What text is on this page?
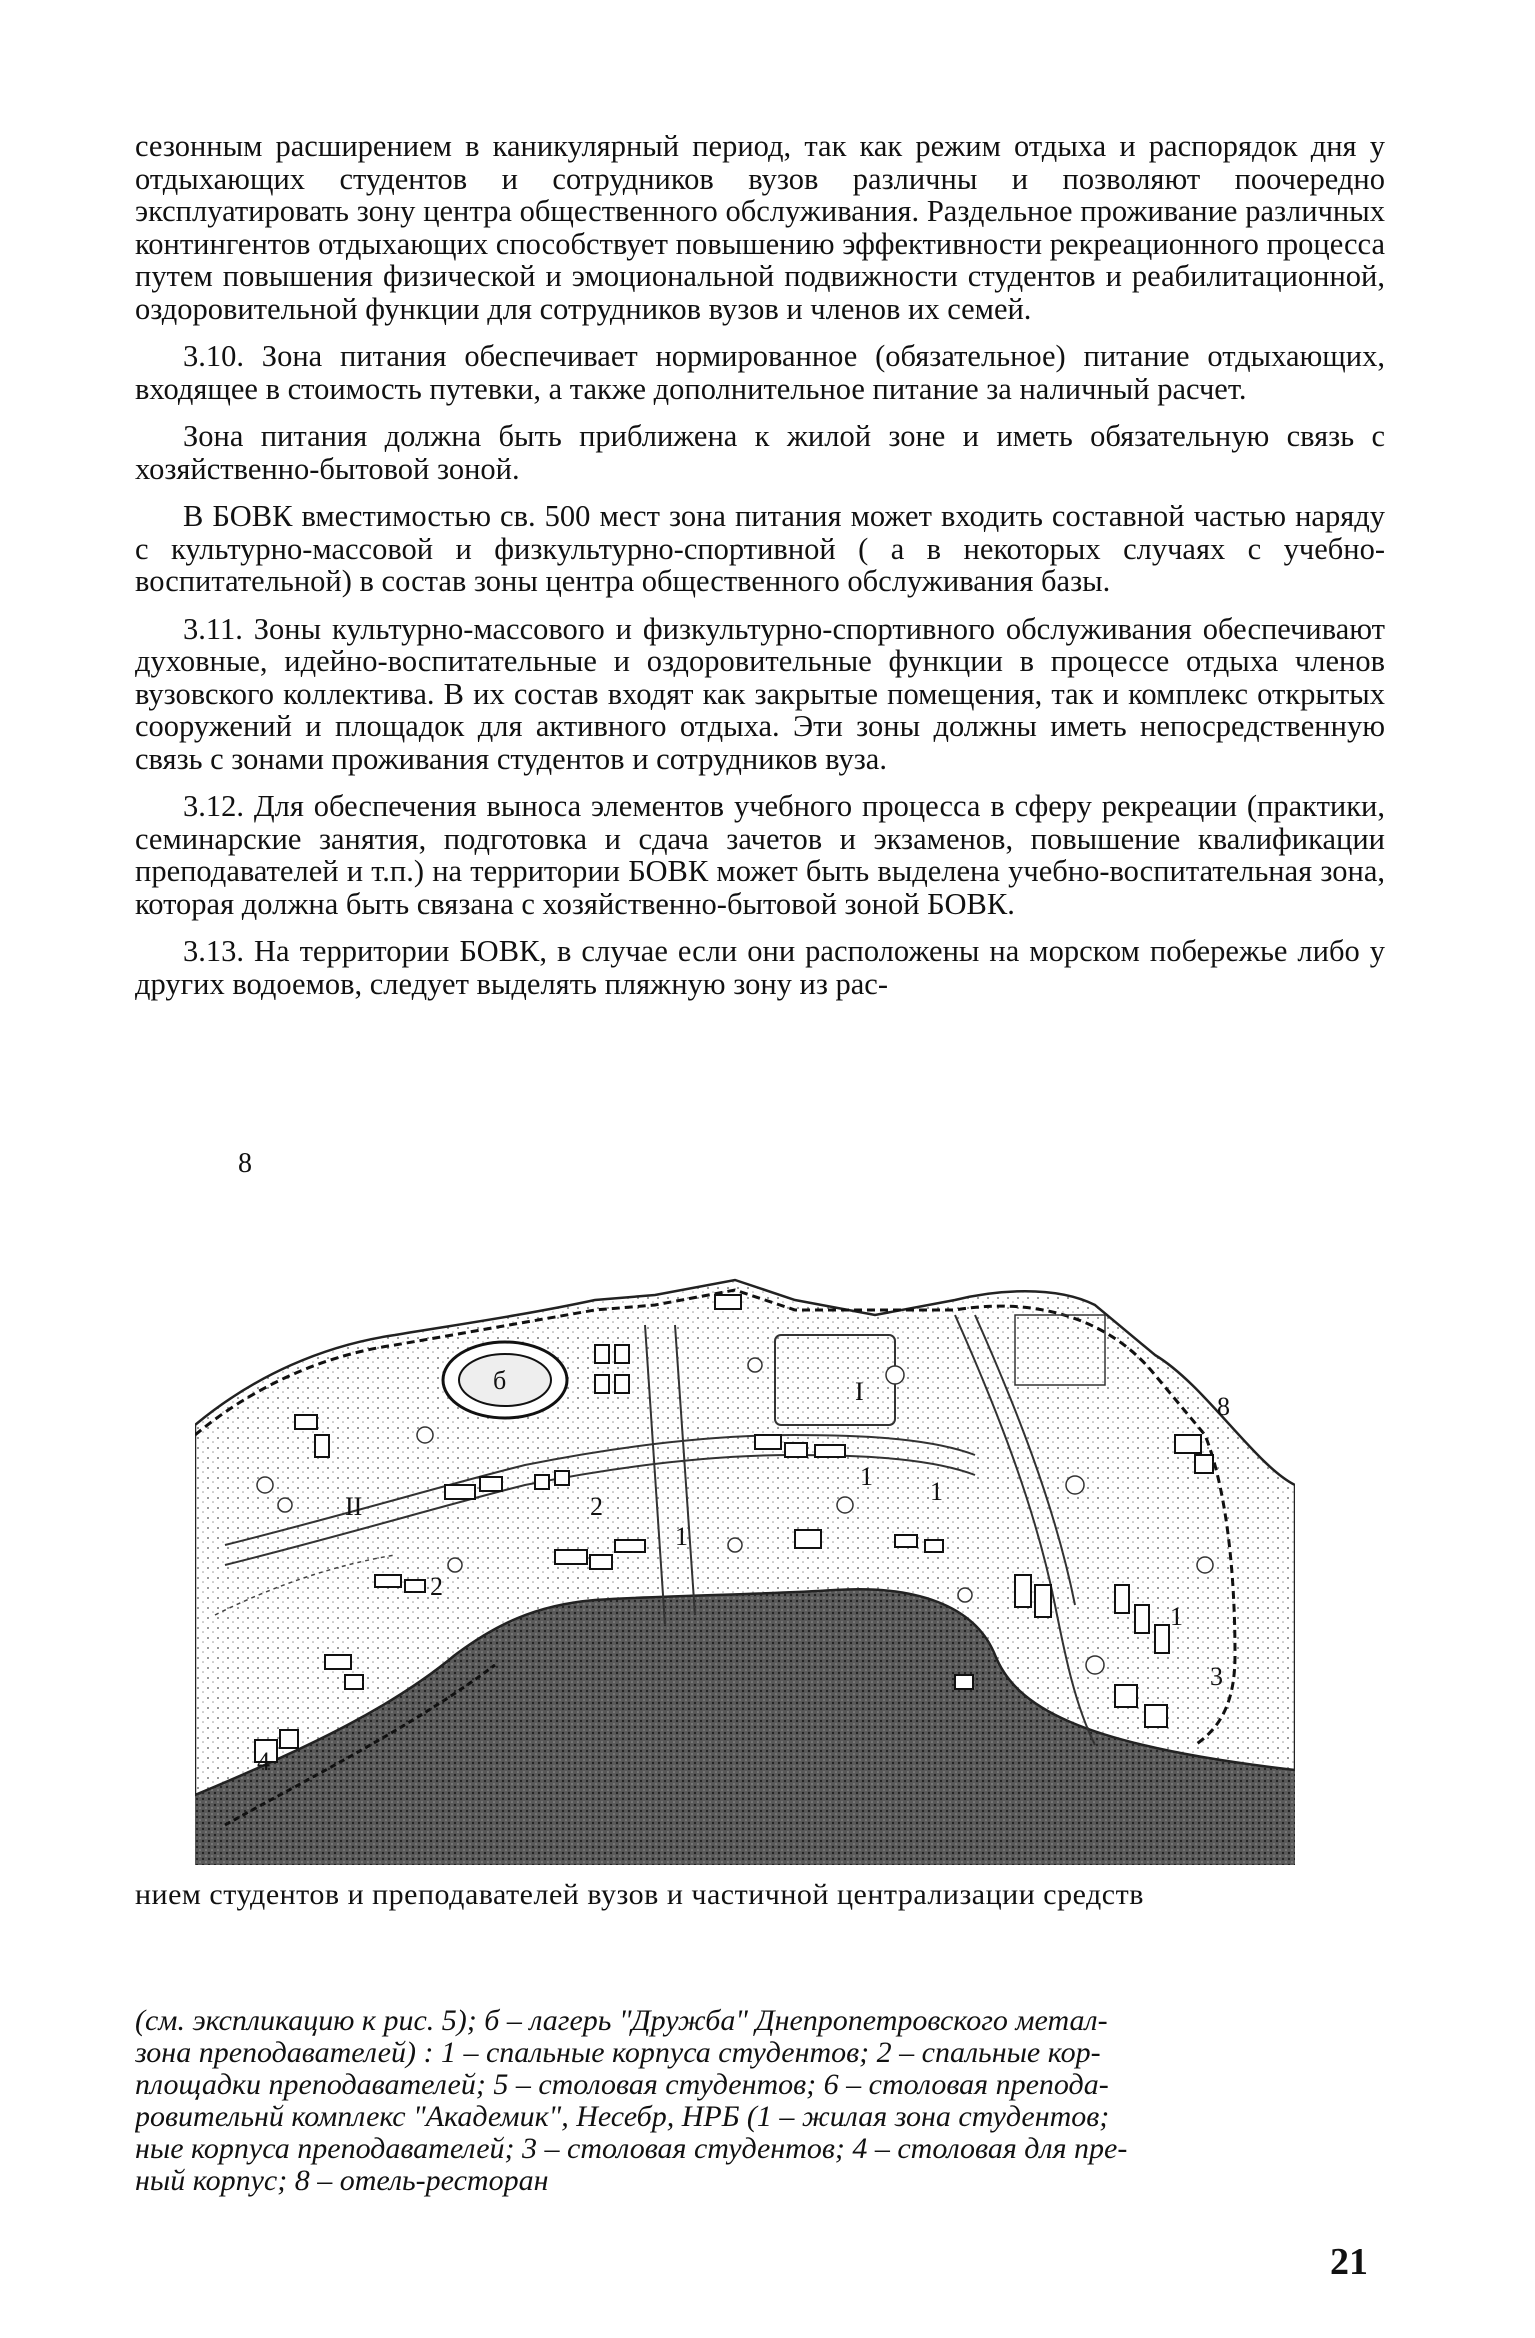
сезонным расширением в каникулярный период, так как режим отдыха и распорядок дня у отдыхающих студентов и сотрудников вузов различны и позволяют поочередно эксплуатировать зону центра общественного обслуживания. Раздельное проживание различных контингентов отдыхающих способствует повышению эффективности рекреационного процесса путем повышения физической и эмоциональной подвижности студентов и реабилитационной, оздоровительной функции для сотрудников вузов и членов их семей.

3.10. Зона питания обеспечивает нормированное (обязательное) питание отдыхающих, входящее в стоимость путевки, а также дополнительное питание за наличный расчет.

Зона питания должна быть приближена к жилой зоне и иметь обязательную связь с хозяйственно-бытовой зоной.

В БОВК вместимостью св. 500 мест зона питания может входить составной частью наряду с культурно-массовой и физкультурно-спортивной ( а в некоторых случаях с учебно-воспитательной) в состав зоны центра общественного обслуживания базы.

3.11. Зоны культурно-массового и физкультурно-спортивного обслуживания обеспечивают духовные, идейно-воспитательные и оздоровительные функции в процессе отдыха членов вузовского коллектива. В их состав входят как закрытые помещения, так и комплекс открытых сооружений и площадок для активного отдыха. Эти зоны должны иметь непосредственную связь с зонами проживания студентов и сотрудников вуза.

3.12. Для обеспечения выноса элементов учебного процесса в сферу рекреации (практики, семинарские занятия, подготовка и сдача зачетов и экзаменов, повышение квалификации преподавателей и т.п.) на территории БОВК может быть выделена учебно-воспитательная зона, которая должна быть связана с хозяйственно-бытовой зоной БОВК.

3.13. На территории БОВК, в случае если они расположены на морском побережье либо у других водоемов, следует выделять пляжную зону из рас-

8
б	I
II
1
1
1
1
2
2
3
4
8
нием студентов и преподавателей вузов и частичной централизации средств
(см. экспликацию к рис. 5); б – лагерь "Дружба" Днепропетровского метал-
зона преподавателей) : 1 – спальные корпуса студентов; 2 – спальные кор-
площадки преподавателей; 5 – столовая студентов; 6 – столовая препода-
ровительнй комплекс "Академик", Несебр, НРБ (1 – жилая зона студентов;
ные корпуса преподавателей; 3 – столовая студентов; 4 – столовая для пре-
ный корпус; 8 – отель-ресторан
21
